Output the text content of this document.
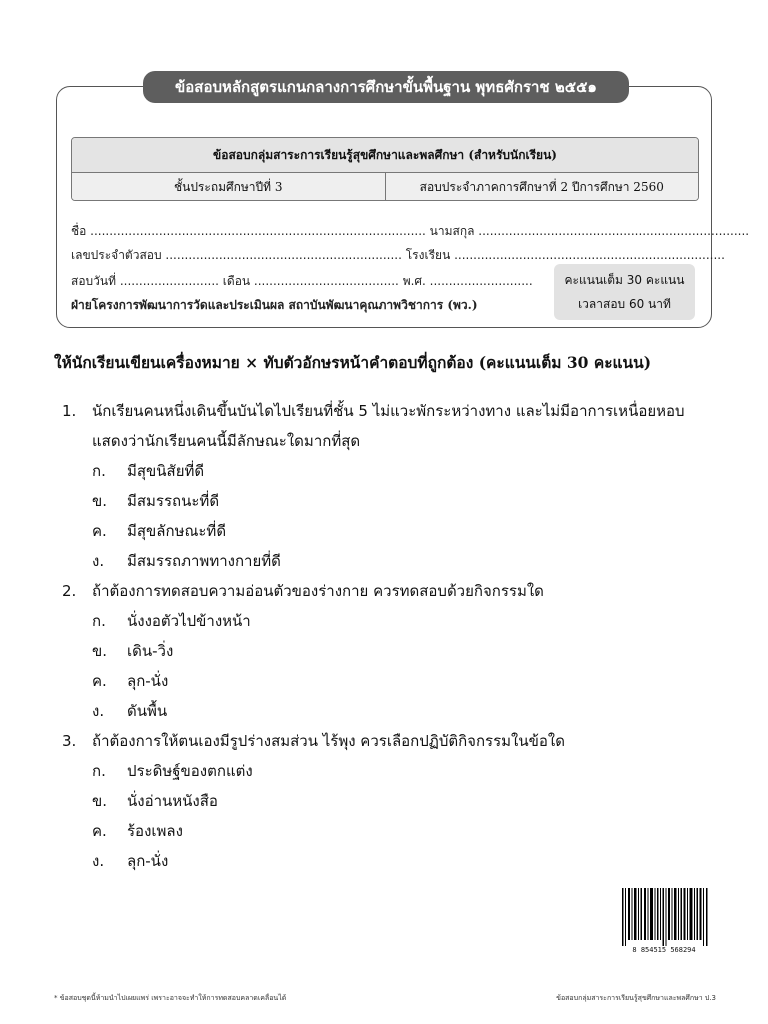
ข้อสอบหลักสูตรแกนกลางการศึกษาขั้นพื้นฐาน พุทธศักราช ๒๕๕๑
ข้อสอบกลุ่มสาระการเรียนรู้สุขศึกษาและพลศึกษา (สำหรับนักเรียน)
ชั้นประถมศึกษาปีที่ 3	สอบประจำภาคการศึกษาที่ 2 ปีการศึกษา 2560
ชื่อ ........................................................................................ นามสกุล .......................................................................
เลขประจำตัวสอบ .............................................................. โรงเรียน .......................................................................
สอบวันที่ .......................... เดือน ...................................... พ.ศ. ...........................
ฝ่ายโครงการพัฒนาการวัดและประเมินผล สถาบันพัฒนาคุณภาพวิชาการ (พว.)
คะแนนเต็ม 30 คะแนน
เวลาสอบ 60 นาที
ให้นักเรียนเขียนเครื่องหมาย × ทับตัวอักษรหน้าคำตอบที่ถูกต้อง (คะแนนเต็ม 30 คะแนน)
1.	นักเรียนคนหนึ่งเดินขึ้นบันไดไปเรียนที่ชั้น 5 ไม่แวะพักระหว่างทาง และไม่มีอาการเหนื่อยหอบ
แสดงว่านักเรียนคนนี้มีลักษณะใดมากที่สุด
ก.	มีสุขนิสัยที่ดี
ข.	มีสมรรถนะที่ดี
ค.	มีสุขลักษณะที่ดี
ง.	มีสมรรถภาพทางกายที่ดี
2.	ถ้าต้องการทดสอบความอ่อนตัวของร่างกาย ควรทดสอบด้วยกิจกรรมใด
ก.	นั่งงอตัวไปข้างหน้า
ข.	เดิน-วิ่ง
ค.	ลุก-นั่ง
ง.	ดันพื้น
3.	ถ้าต้องการให้ตนเองมีรูปร่างสมส่วน ไร้พุง ควรเลือกปฏิบัติกิจกรรมในข้อใด
ก.	ประดิษฐ์ของตกแต่ง
ข.	นั่งอ่านหนังสือ
ค.	ร้องเพลง
ง.	ลุก-นั่ง
8 854515 568294
* ข้อสอบชุดนี้ห้ามนำไปเผยแพร่ เพราะอาจจะทำให้การทดสอบคลาดเคลื่อนได้	ข้อสอบกลุ่มสาระการเรียนรู้สุขศึกษาและพลศึกษา ป.3
